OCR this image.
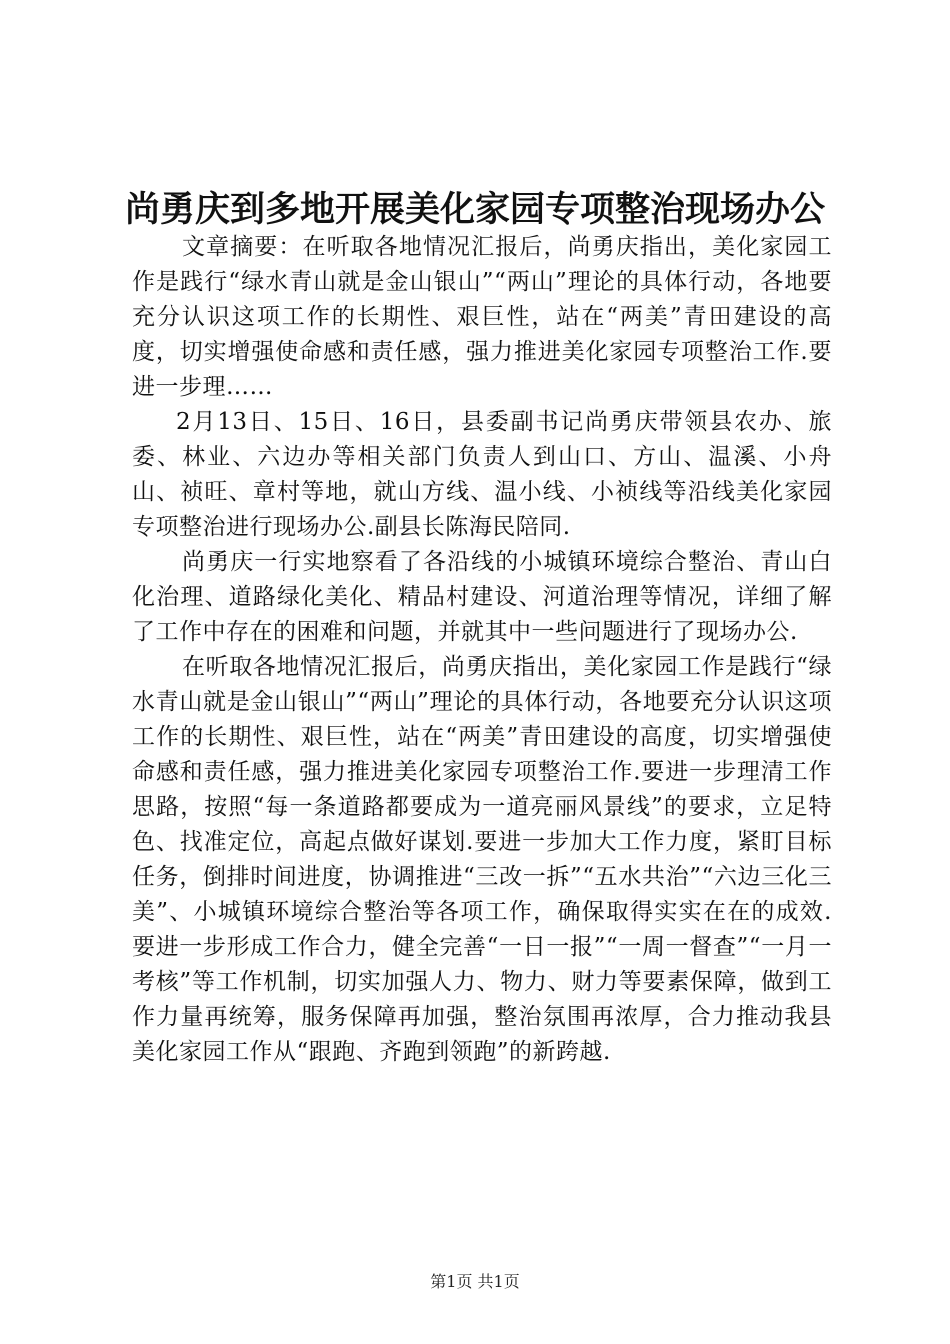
尚勇庆到多地开展美化家园专项整治现场办公

文章摘要：在听取各地情况汇报后，尚勇庆指出，美化家园工作是践行“绿水青山就是金山银山”“两山”理论的具体行动，各地要充分认识这项工作的长期性、艰巨性，站在“两美”青田建设的高度，切实增强使命感和责任感，强力推进美化家园专项整治工作.要进一步理……

2月13日、15日、16日，县委副书记尚勇庆带领县农办、旅委、林业、六边办等相关部门负责人到山口、方山、温溪、小舟山、祯旺、章村等地，就山方线、温小线、小祯线等沿线美化家园专项整治进行现场办公.副县长陈海民陪同.

尚勇庆一行实地察看了各沿线的小城镇环境综合整治、青山白化治理、道路绿化美化、精品村建设、河道治理等情况，详细了解了工作中存在的困难和问题，并就其中一些问题进行了现场办公.

在听取各地情况汇报后，尚勇庆指出，美化家园工作是践行“绿水青山就是金山银山”“两山”理论的具体行动，各地要充分认识这项工作的长期性、艰巨性，站在“两美”青田建设的高度，切实增强使命感和责任感，强力推进美化家园专项整治工作.要进一步理清工作思路，按照“每一条道路都要成为一道亮丽风景线”的要求，立足特色、找准定位，高起点做好谋划.要进一步加大工作力度，紧盯目标任务，倒排时间进度，协调推进“三改一拆”“五水共治”“六边三化三美”、小城镇环境综合整治等各项工作，确保取得实实在在的成效.要进一步形成工作合力，健全完善“一日一报”“一周一督查”“一月一考核”等工作机制，切实加强人力、物力、财力等要素保障，做到工作力量再统筹，服务保障再加强，整治氛围再浓厚，合力推动我县美化家园工作从“跟跑、齐跑到领跑”的新跨越.

第1页 共1页
